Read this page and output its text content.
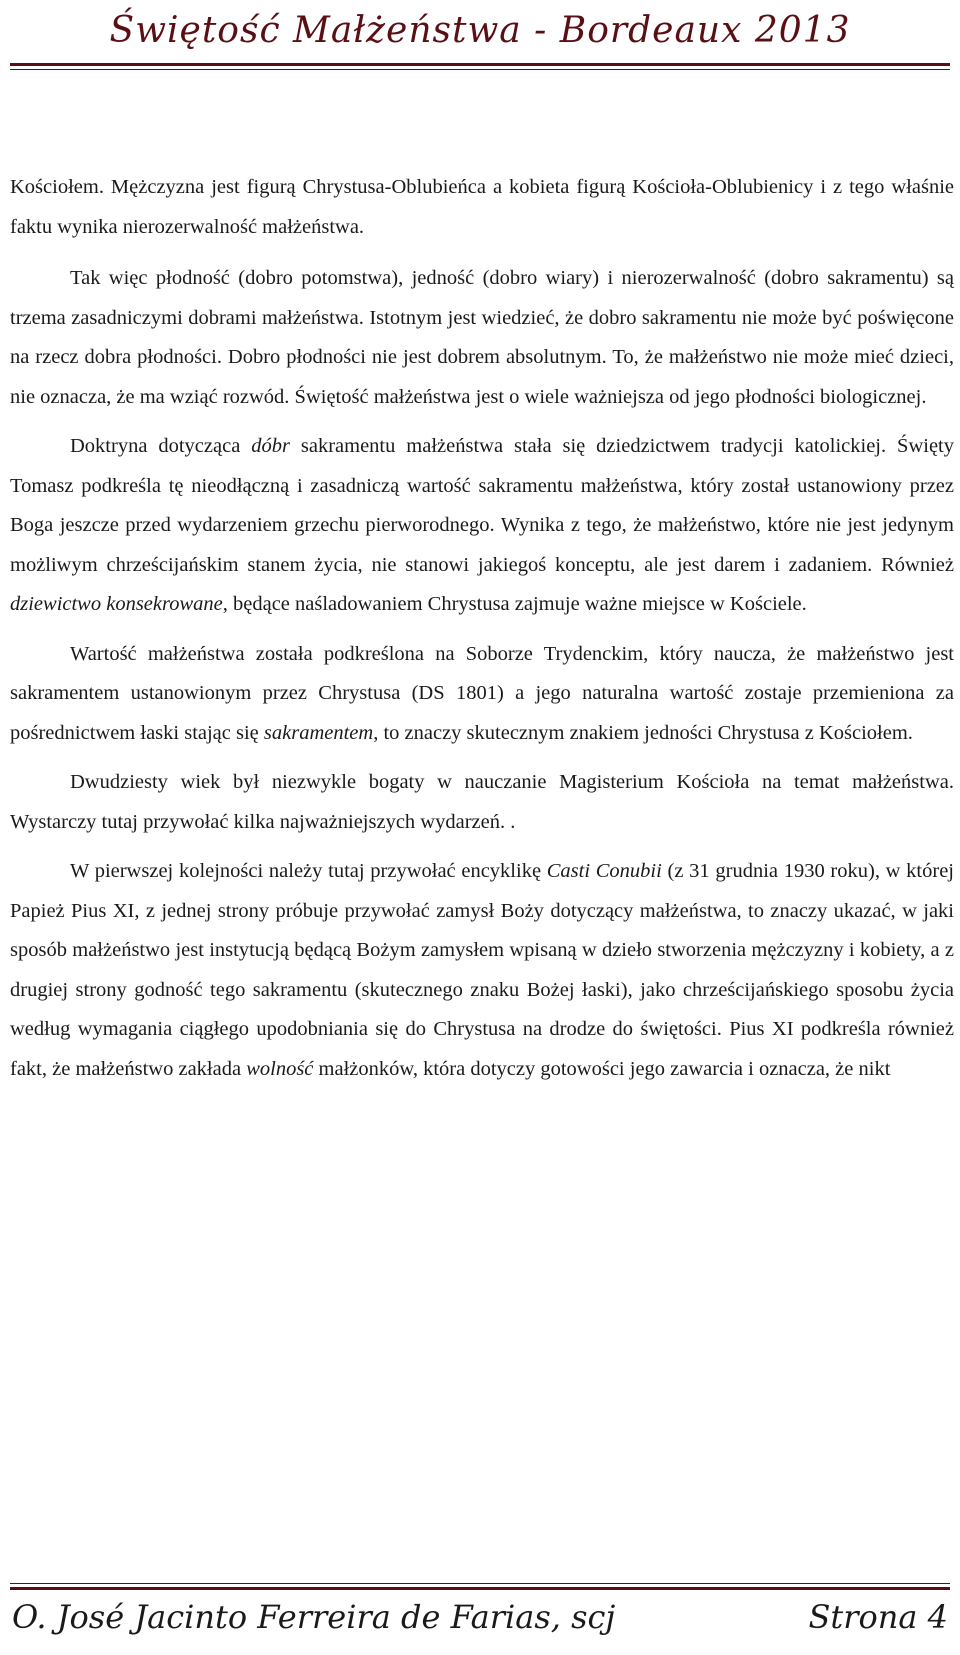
Świętość Małżeństwa - Bordeaux 2013

Kościołem. Mężczyzna jest figurą Chrystusa-Oblubieńca a kobieta figurą Kościoła-Oblubienicy i z tego właśnie faktu wynika nierozerwalność małżeństwa.

Tak więc płodność (dobro potomstwa), jedność (dobro wiary) i nierozerwalność (dobro sakramentu) są trzema zasadniczymi dobrami małżeństwa. Istotnym jest wiedzieć, że dobro sakramentu nie może być poświęcone na rzecz dobra płodności. Dobro płodności nie jest dobrem absolutnym. To, że małżeństwo nie może mieć dzieci, nie oznacza, że ma wziąć rozwód. Świętość małżeństwa jest o wiele ważniejsza od jego płodności biologicznej.

Doktryna dotycząca dóbr sakramentu małżeństwa stała się dziedzictwem tradycji katolickiej. Święty Tomasz podkreśla tę nieodłączną i zasadniczą wartość sakramentu małżeństwa, który został ustanowiony przez Boga jeszcze przed wydarzeniem grzechu pierworodnego. Wynika z tego, że małżeństwo, które nie jest jedynym możliwym chrześcijańskim stanem życia, nie stanowi jakiegoś konceptu, ale jest darem i zadaniem. Również dziewictwo konsekrowane, będące naśladowaniem Chrystusa zajmuje ważne miejsce w Kościele.

Wartość małżeństwa została podkreślona na Soborze Trydenckim, który naucza, że małżeństwo jest sakramentem ustanowionym przez Chrystusa (DS 1801) a jego naturalna wartość zostaje przemieniona za pośrednictwem łaski stając się sakramentem, to znaczy skutecznym znakiem jedności Chrystusa z Kościołem.

Dwudziesty wiek był niezwykle bogaty w nauczanie Magisterium Kościoła na temat małżeństwa. Wystarczy tutaj przywołać kilka najważniejszych wydarzeń. .

W pierwszej kolejności należy tutaj przywołać encyklikę Casti Conubii (z 31 grudnia 1930 roku), w której Papież Pius XI, z jednej strony próbuje przywołać zamysł Boży dotyczący małżeństwa, to znaczy ukazać, w jaki sposób małżeństwo jest instytucją będącą Bożym zamysłem wpisaną w dzieło stworzenia mężczyzny i kobiety, a z drugiej strony godność tego sakramentu (skutecznego znaku Bożej łaski), jako chrześcijańskiego sposobu życia według wymagania ciągłego upodobniania się do Chrystusa na drodze do świętości. Pius XI podkreśla również fakt, że małżeństwo zakłada wolność małżonków, która dotyczy gotowości jego zawarcia i oznacza, że nikt

O. José Jacinto Ferreira de Farias, scj	Strona 4
